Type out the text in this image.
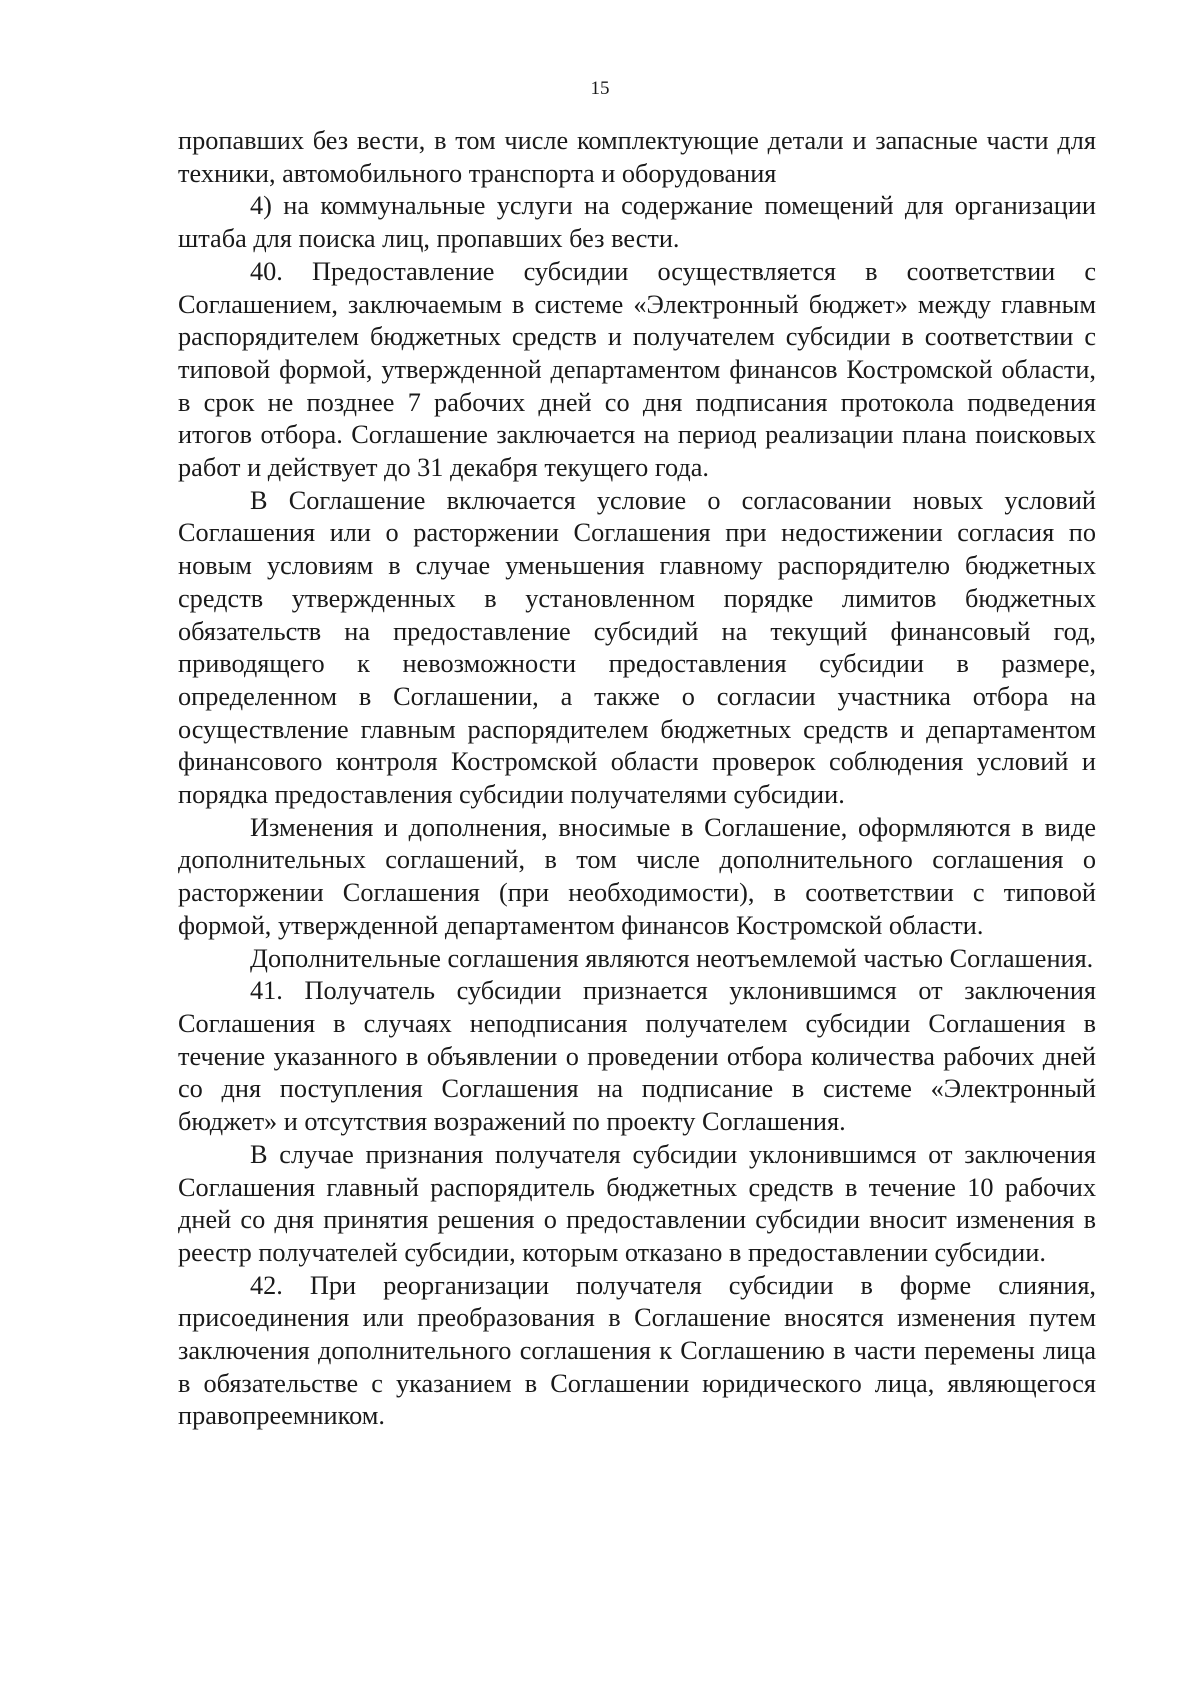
15

пропавших без вести, в том числе комплектующие детали и запасные части для техники, автомобильного транспорта и оборудования

4) на коммунальные услуги на содержание помещений для организации штаба для поиска лиц, пропавших без вести.

40. Предоставление субсидии осуществляется в соответствии с Соглашением, заключаемым в системе «Электронный бюджет» между главным распорядителем бюджетных средств и получателем субсидии в соответствии с типовой формой, утвержденной департаментом финансов Костромской области, в срок не позднее 7 рабочих дней со дня подписания протокола подведения итогов отбора. Соглашение заключается на период реализации плана поисковых работ и действует до 31 декабря текущего года.

В Соглашение включается условие о согласовании новых условий Соглашения или о расторжении Соглашения при недостижении согласия по новым условиям в случае уменьшения главному распорядителю бюджетных средств утвержденных в установленном порядке лимитов бюджетных обязательств на предоставление субсидий на текущий финансовый год, приводящего к невозможности предоставления субсидии в размере, определенном в Соглашении, а также о согласии участника отбора на осуществление главным распорядителем бюджетных средств и департаментом финансового контроля Костромской области проверок соблюдения условий и порядка предоставления субсидии получателями субсидии.

Изменения и дополнения, вносимые в Соглашение, оформляются в виде дополнительных соглашений, в том числе дополнительного соглашения о расторжении Соглашения (при необходимости), в соответствии с типовой формой, утвержденной департаментом финансов Костромской области.

Дополнительные соглашения являются неотъемлемой частью Соглашения.

41. Получатель субсидии признается уклонившимся от заключения Соглашения в случаях неподписания получателем субсидии Соглашения в течение указанного в объявлении о проведении отбора количества рабочих дней со дня поступления Соглашения на подписание в системе «Электронный бюджет» и отсутствия возражений по проекту Соглашения.

В случае признания получателя субсидии уклонившимся от заключения Соглашения главный распорядитель бюджетных средств в течение 10 рабочих дней со дня принятия решения о предоставлении субсидии вносит изменения в реестр получателей субсидии, которым отказано в предоставлении субсидии.

42. При реорганизации получателя субсидии в форме слияния, присоединения или преобразования в Соглашение вносятся изменения путем заключения дополнительного соглашения к Соглашению в части перемены лица в обязательстве с указанием в Соглашении юридического лица, являющегося правопреемником.
